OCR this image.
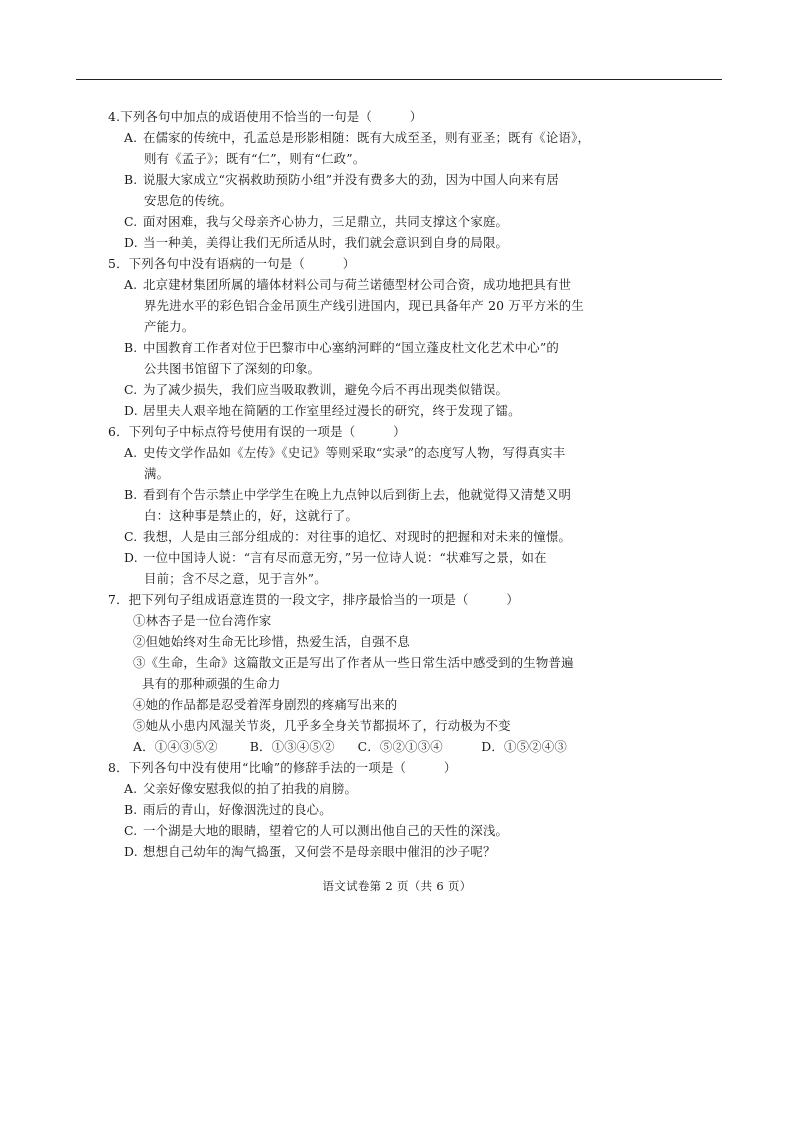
4.下列各句中加点的成语使用不恰当的一句是（　　　）
A. 在儒家的传统中，孔孟总是形影相随：既有大成至圣，则有亚圣；既有《论语》，
则有《孟子》；既有“仁”，则有“仁政”。
B. 说服大家成立“灾祸救助预防小组”并没有费多大的劲，因为中国人向来有居
安思危的传统。
C. 面对困难，我与父母亲齐心协力，三足鼎立，共同支撑这个家庭。
D. 当一种美，美得让我们无所适从时，我们就会意识到自身的局限。
5．下列各句中没有语病的一句是（　　　）
A. 北京建材集团所属的墙体材料公司与荷兰诺德型材公司合资，成功地把具有世
界先进水平的彩色铝合金吊顶生产线引进国内，现已具备年产 20 万平方米的生
产能力。
B. 中国教育工作者对位于巴黎市中心塞纳河畔的“国立蓬皮杜文化艺术中心”的
公共图书馆留下了深刻的印象。
C. 为了减少损失，我们应当吸取教训，避免今后不再出现类似错误。
D. 居里夫人艰辛地在简陋的工作室里经过漫长的研究，终于发现了镭。
6．下列句子中标点符号使用有误的一项是（　　　）
A. 史传文学作品如《左传》《史记》等则采取“实录”的态度写人物，写得真实丰
满。
B. 看到有个告示禁止中学学生在晚上九点钟以后到街上去，他就觉得又清楚又明
白：这种事是禁止的，好，这就行了。
C. 我想，人是由三部分组成的：对往事的追忆、对现时的把握和对未来的憧憬。
D. 一位中国诗人说：“言有尽而意无穷，”另一位诗人说：“状难写之景，如在
目前；含不尽之意，见于言外”。
7．把下列句子组成语意连贯的一段文字，排序最恰当的一项是（　　　）
①林杏子是一位台湾作家
②但她始终对生命无比珍惜，热爱生活，自强不息
③《生命，生命》这篇散文正是写出了作者从一些日常生活中感受到的生物普遍
具有的那种顽强的生命力
④她的作品都是忍受着浑身剧烈的疼痛写出来的
⑤她从小患内风湿关节炎，几乎多全身关节都损坏了，行动极为不变
A．①④③⑤②	B．①③④⑤②	C．⑤②①③④	D．①⑤②④③
8．下列各句中没有使用“比喻”的修辞手法的一项是（　　　）
A. 父亲好像安慰我似的拍了拍我的肩膀。
B. 雨后的青山，好像洇洗过的良心。
C. 一个湖是大地的眼睛，望着它的人可以测出他自己的天性的深浅。
D. 想想自己幼年的淘气捣蛋，又何尝不是母亲眼中催泪的沙子呢？
语文试卷第 2 页（共 6 页）
